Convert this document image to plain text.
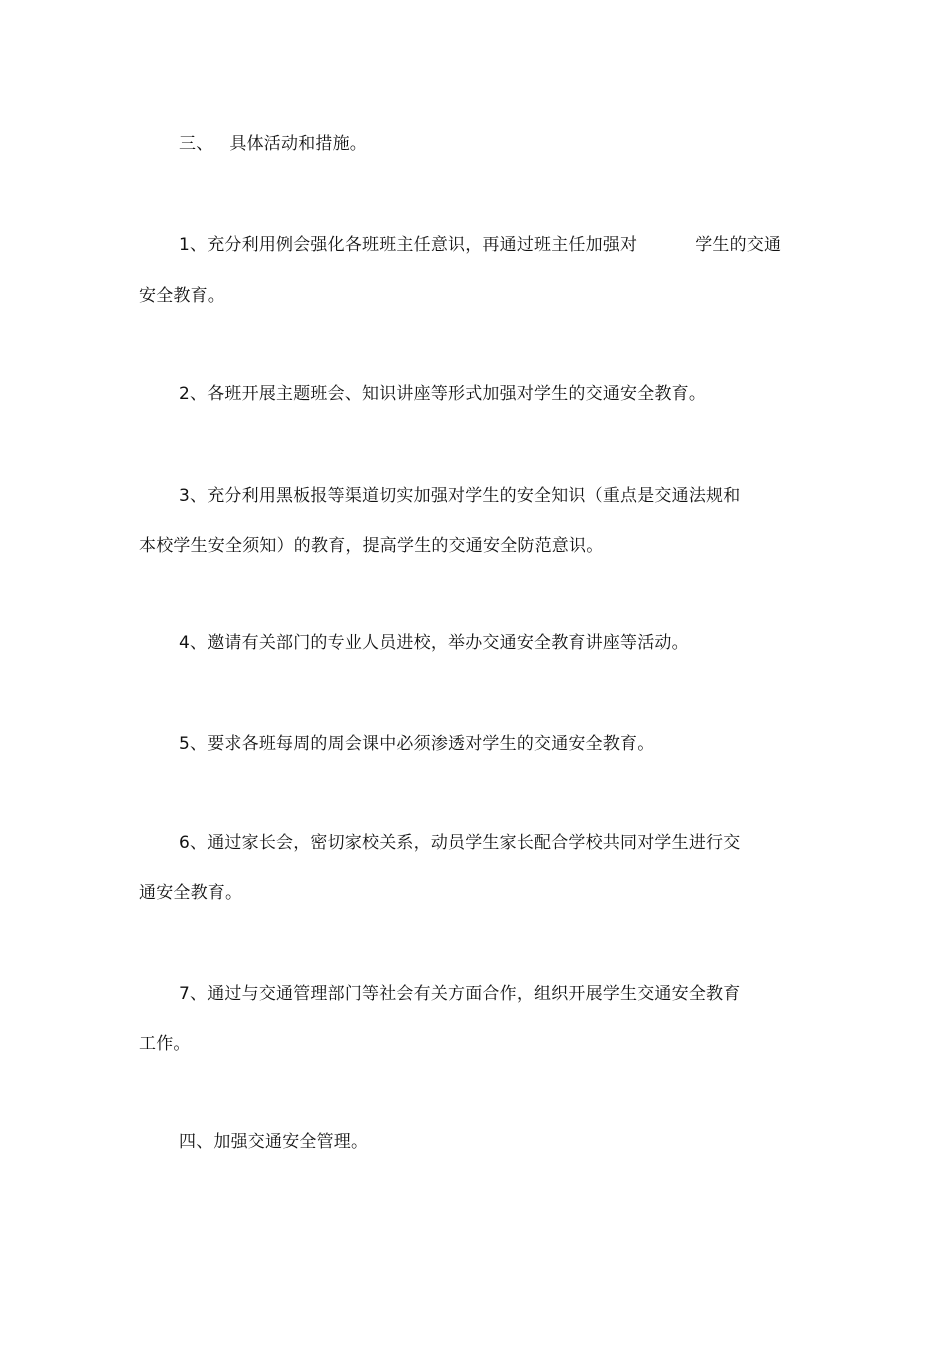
三、 具体活动和措施。
1、充分利用例会强化各班班主任意识，再通过班主任加强对	学生的交通
安全教育。
2、各班开展主题班会、知识讲座等形式加强对学生的交通安全教育。
3、充分利用黑板报等渠道切实加强对学生的安全知识（重点是交通法规和
本校学生安全须知）的教育，提高学生的交通安全防范意识。
4、邀请有关部门的专业人员进校，举办交通安全教育讲座等活动。
5、要求各班每周的周会课中必须渗透对学生的交通安全教育。
6、通过家长会，密切家校关系，动员学生家长配合学校共同对学生进行交
通安全教育。
7、通过与交通管理部门等社会有关方面合作，组织开展学生交通安全教育
工作。
四、加强交通安全管理。
